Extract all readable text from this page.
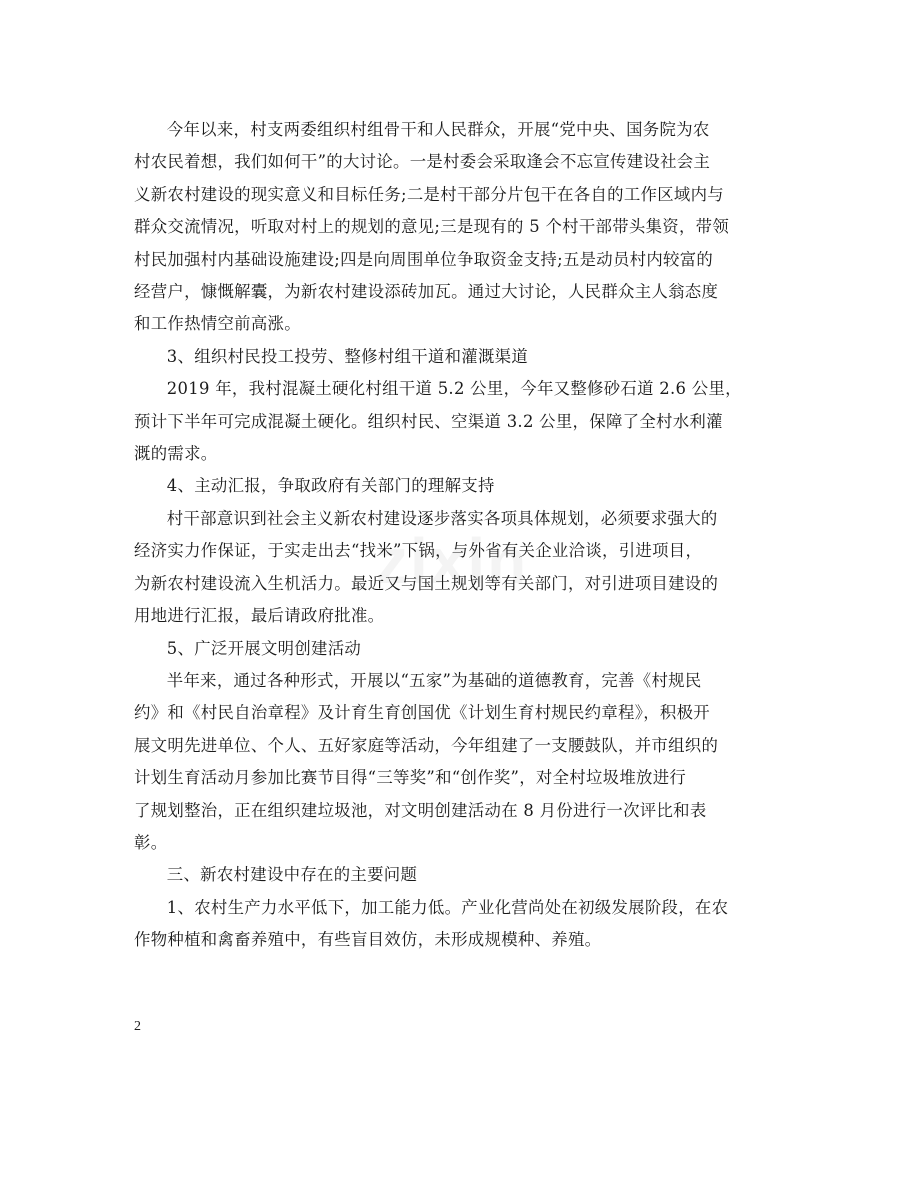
zixin
今年以来，村支两委组织村组骨干和人民群众，开展“党中央、国务院为农
村农民着想，我们如何干”的大讨论。一是村委会采取逢会不忘宣传建设社会主
义新农村建设的现实意义和目标任务;二是村干部分片包干在各自的工作区域内与
群众交流情况，听取对村上的规划的意见;三是现有的 5 个村干部带头集资，带领
村民加强村内基础设施建设;四是向周围单位争取资金支持;五是动员村内较富的
经营户，慷慨解囊，为新农村建设添砖加瓦。通过大讨论，人民群众主人翁态度
和工作热情空前高涨。

3、组织村民投工投劳、整修村组干道和灌溉渠道

2019 年，我村混凝土硬化村组干道 5.2 公里，今年又整修砂石道 2.6 公里，
预计下半年可完成混凝土硬化。组织村民、空渠道 3.2 公里，保障了全村水利灌
溉的需求。

4、主动汇报，争取政府有关部门的理解支持

村干部意识到社会主义新农村建设逐步落实各项具体规划，必须要求强大的
经济实力作保证，于实走出去“找米”下锅，与外省有关企业洽谈，引进项目，
为新农村建设流入生机活力。最近又与国土规划等有关部门，对引进项目建设的
用地进行汇报，最后请政府批准。

5、广泛开展文明创建活动

半年来，通过各种形式，开展以“五家”为基础的道德教育，完善《村规民
约》和《村民自治章程》及计育生育创国优《计划生育村规民约章程》，积极开
展文明先进单位、个人、五好家庭等活动，今年组建了一支腰鼓队，并市组织的
计划生育活动月参加比赛节目得“三等奖”和“创作奖”，对全村垃圾堆放进行
了规划整治，正在组织建垃圾池，对文明创建活动在 8 月份进行一次评比和表
彰。

三、新农村建设中存在的主要问题

1、农村生产力水平低下，加工能力低。产业化营尚处在初级发展阶段，在农
作物种植和禽畜养殖中，有些盲目效仿，未形成规模种、养殖。
2
